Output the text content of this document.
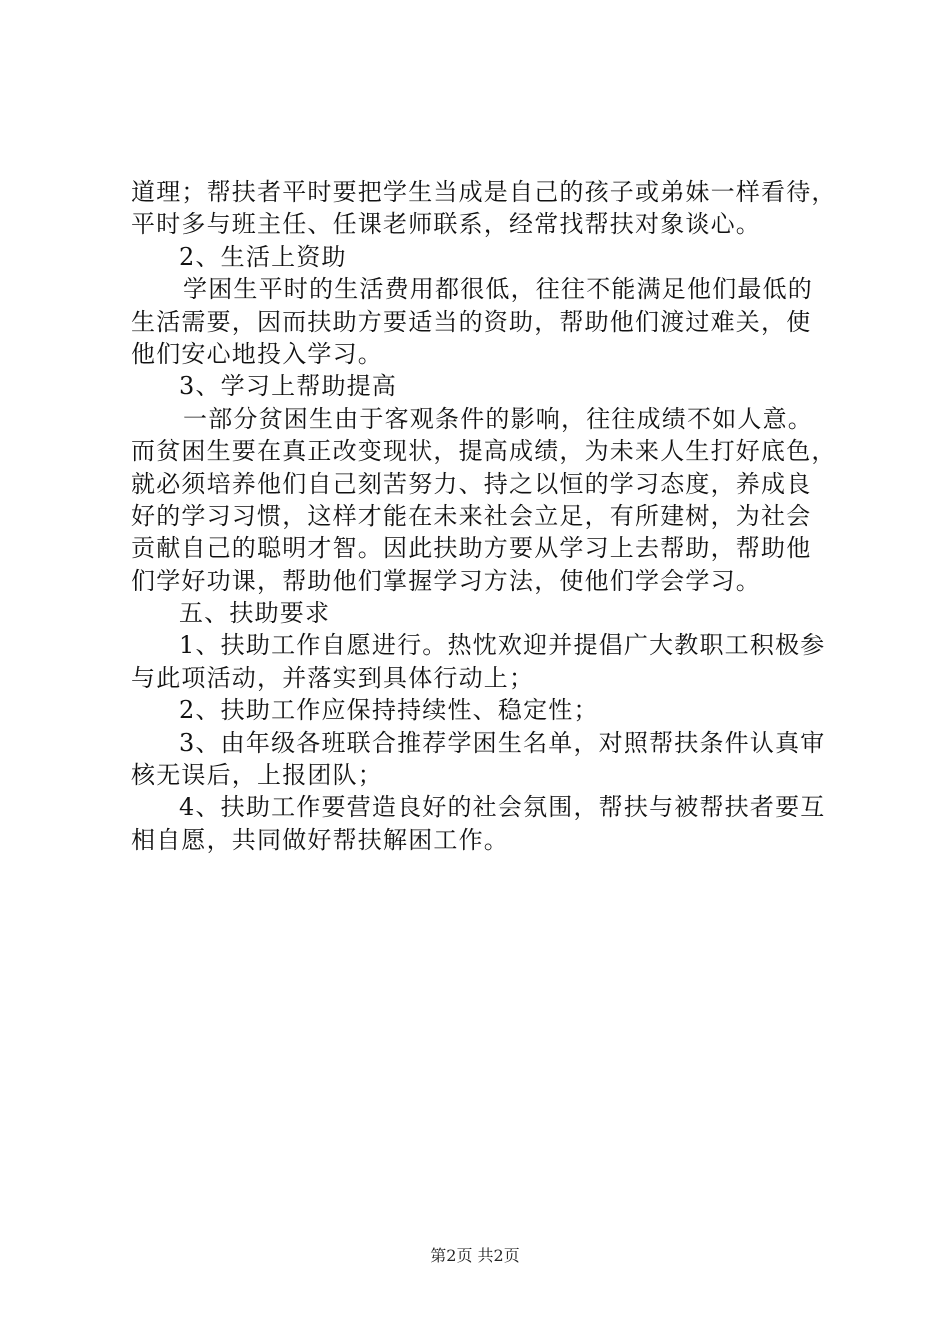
道理；帮扶者平时要把学生当成是自己的孩子或弟妹一样看待，
平时多与班主任、任课老师联系，经常找帮扶对象谈心。
2、生活上资助
学困生平时的生活费用都很低，往往不能满足他们最低的
生活需要，因而扶助方要适当的资助，帮助他们渡过难关，使
他们安心地投入学习。
3、学习上帮助提高
一部分贫困生由于客观条件的影响，往往成绩不如人意。
而贫困生要在真正改变现状，提高成绩，为未来人生打好底色，
就必须培养他们自己刻苦努力、持之以恒的学习态度，养成良
好的学习习惯，这样才能在未来社会立足，有所建树，为社会
贡献自己的聪明才智。因此扶助方要从学习上去帮助，帮助他
们学好功课，帮助他们掌握学习方法，使他们学会学习。
五、扶助要求
1、扶助工作自愿进行。热忱欢迎并提倡广大教职工积极参
与此项活动，并落实到具体行动上；
2、扶助工作应保持持续性、稳定性；
3、由年级各班联合推荐学困生名单，对照帮扶条件认真审
核无误后，上报团队；
4、扶助工作要营造良好的社会氛围，帮扶与被帮扶者要互
相自愿，共同做好帮扶解困工作。
第2页 共2页
